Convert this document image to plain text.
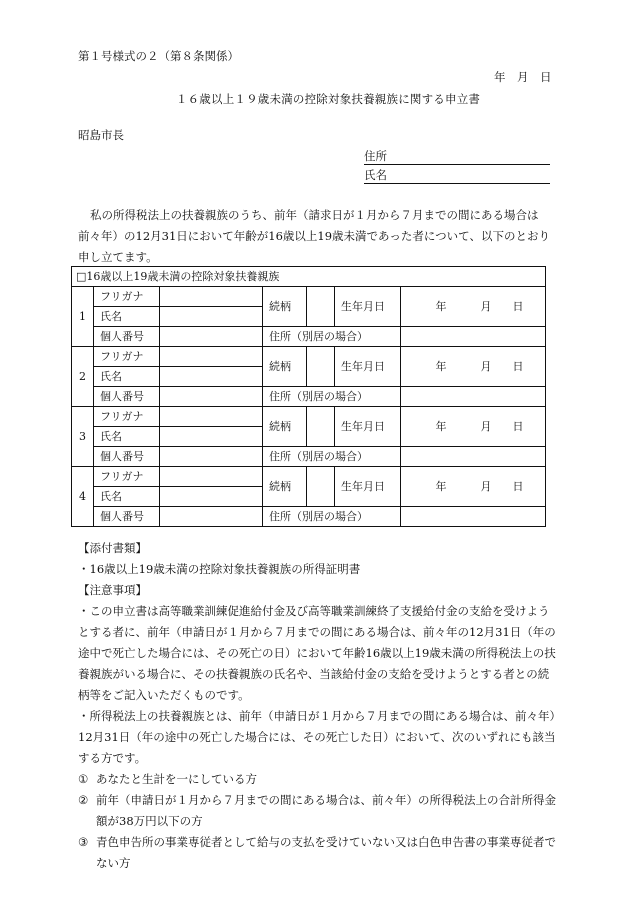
第１号様式の２（第８条関係）
年　月　日
１６歳以上１９歳未満の控除対象扶養親族に関する申立書
昭島市長
住所
氏名
私の所得税法上の扶養親族のうち、前年（請求日が１月から７月までの間にある場合は前々年）の12月31日において年齢が16歳以上19歳未満であった者について、以下のとおり申し立てます。
□16歳以上19歳未満の控除対象扶養親族						
1	フリガナ		続柄		生年月日	年 月 日
	氏名					
	個人番号		住所（別居の場合）			
2	フリガナ		続柄		生年月日	年 月 日
	氏名					
	個人番号		住所（別居の場合）			
3	フリガナ		続柄		生年月日	年 月 日
	氏名					
	個人番号		住所（別居の場合）			
4	フリガナ		続柄		生年月日	年 月 日
	氏名					
	個人番号		住所（別居の場合）			
【添付書類】
・16歳以上19歳未満の控除対象扶養親族の所得証明書
【注意事項】
・この申立書は高等職業訓練促進給付金及び高等職業訓練終了支援給付金の支給を受けようとする者に、前年（申請日が１月から７月までの間にある場合は、前々年の12月31日（年の途中で死亡した場合には、その死亡の日）において年齢16歳以上19歳未満の所得税法上の扶養親族がいる場合に、その扶養親族の氏名や、当該給付金の支給を受けようとする者との続柄等をご記入いただくものです。
・所得税法上の扶養親族とは、前年（申請日が１月から７月までの間にある場合は、前々年）12月31日（年の途中の死亡した場合には、その死亡した日）において、次のいずれにも該当する方です。
① あなたと生計を一にしている方
② 前年（申請日が１月から７月までの間にある場合は、前々年）の所得税法上の合計所得金額が38万円以下の方
③ 青色申告所の事業専従者として給与の支払を受けていない又は白色申告書の事業専従者でない方
